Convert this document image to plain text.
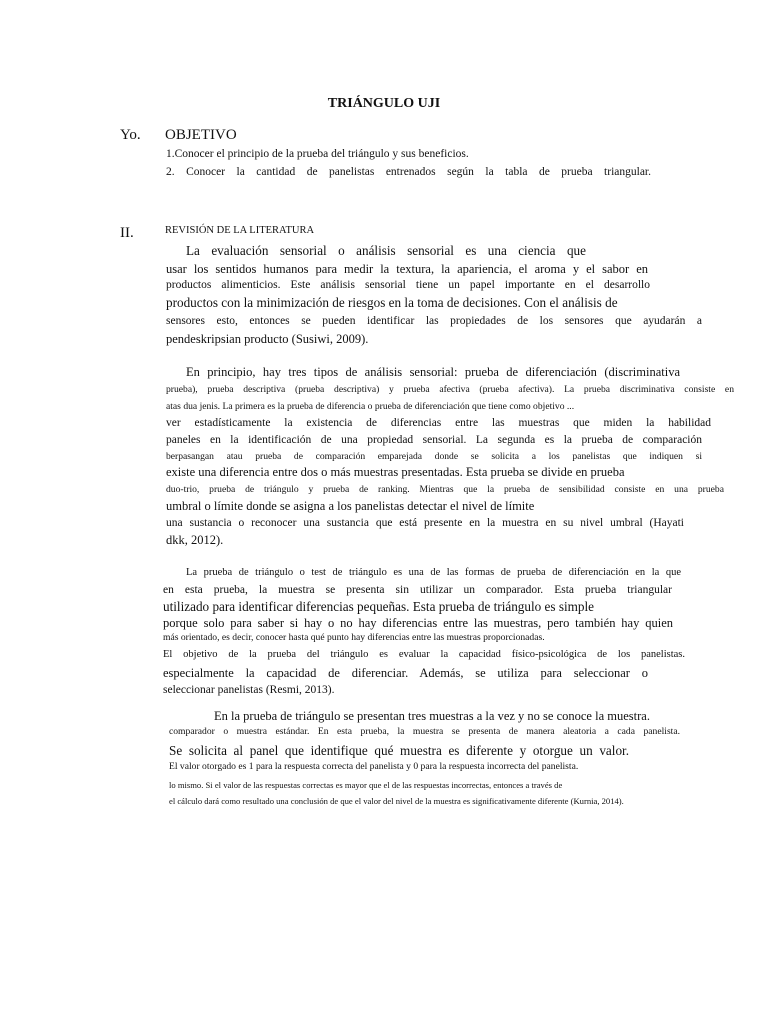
TRIÁNGULO UJI
Yo. OBJETIVO
1.Conocer el principio de la prueba del triángulo y sus beneficios.
2. Conocer la cantidad de panelistas entrenados según la tabla de prueba triangular.
II.	REVISIÓN DE LA LITERATURA
La evaluación sensorial o análisis sensorial es una ciencia que
usar los sentidos humanos para medir la textura, la apariencia, el aroma y el sabor en
productos alimenticios. Este análisis sensorial tiene un papel importante en el desarrollo
productos con la minimización de riesgos en la toma de decisiones. Con el análisis de
sensores esto, entonces se pueden identificar las propiedades de los sensores que ayudarán a
pendeskripsian producto (Susiwi, 2009).
En principio, hay tres tipos de análisis sensorial: prueba de diferenciación (discriminativa
prueba), prueba descriptiva (prueba descriptiva) y prueba afectiva (prueba afectiva). La prueba discriminativa consiste en
atas dua jenis. La primera es la prueba de diferencia o prueba de diferenciación que tiene como objetivo ...
ver estadísticamente la existencia de diferencias entre las muestras que miden la habilidad
paneles en la identificación de una propiedad sensorial. La segunda es la prueba de comparación
berpasangan atau prueba de comparación emparejada donde se solicita a los panelistas que indiquen si
existe una diferencia entre dos o más muestras presentadas. Esta prueba se divide en prueba
duo-trio, prueba de triángulo y prueba de ranking. Mientras que la prueba de sensibilidad consiste en una prueba
umbral o límite donde se asigna a los panelistas detectar el nivel de límite
una sustancia o reconocer una sustancia que está presente en la muestra en su nivel umbral (Hayati
dkk, 2012).
La prueba de triángulo o test de triángulo es una de las formas de prueba de diferenciación en la que
en esta prueba, la muestra se presenta sin utilizar un comparador. Esta prueba triangular
utilizado para identificar diferencias pequeñas. Esta prueba de triángulo es simple
porque solo para saber si hay o no hay diferencias entre las muestras, pero también hay quien
más orientado, es decir, conocer hasta qué punto hay diferencias entre las muestras proporcionadas.
El objetivo de la prueba del triángulo es evaluar la capacidad físico-psicológica de los panelistas.
especialmente la capacidad de diferenciar. Además, se utiliza para seleccionar o
seleccionar panelistas (Resmi, 2013).
En la prueba de triángulo se presentan tres muestras a la vez y no se conoce la muestra.
comparador o muestra estándar. En esta prueba, la muestra se presenta de manera aleatoria a cada panelista.
Se solicita al panel que identifique qué muestra es diferente y otorgue un valor.
El valor otorgado es 1 para la respuesta correcta del panelista y 0 para la respuesta incorrecta del panelista.
lo mismo. Si el valor de las respuestas correctas es mayor que el de las respuestas incorrectas, entonces a través de
el cálculo dará como resultado una conclusión de que el valor del nivel de la muestra es significativamente diferente (Kurnia, 2014).
